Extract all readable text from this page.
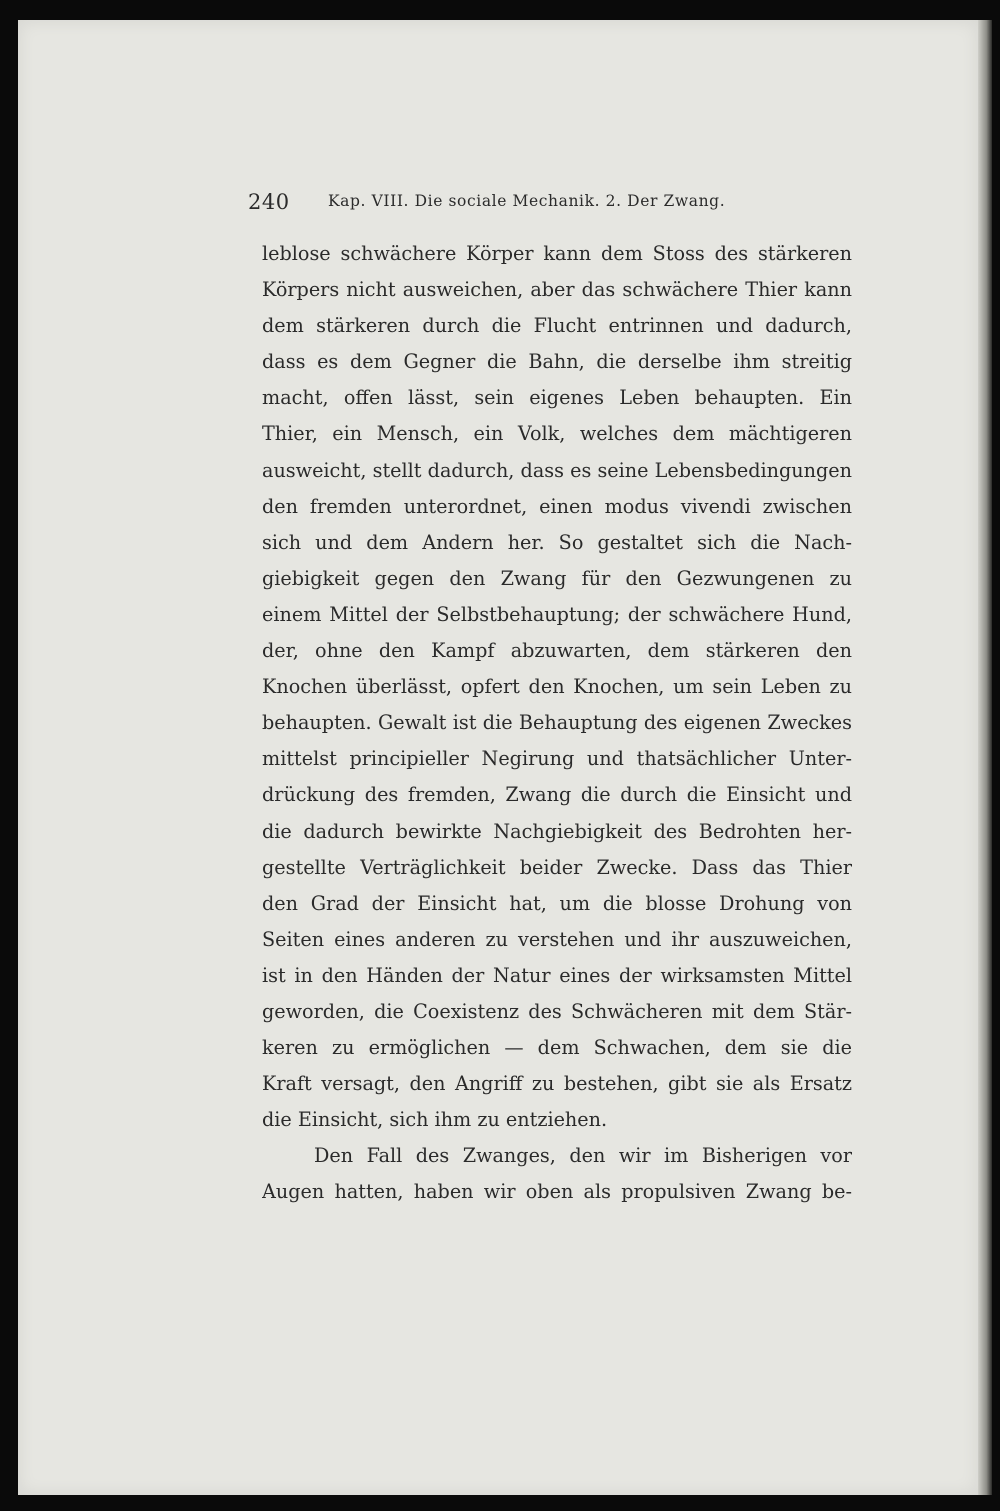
240 Kap. VIII. Die sociale Mechanik. 2. Der Zwang.
leblose schwächere Körper kann dem Stoss des stärkeren
Körpers nicht ausweichen, aber das schwächere Thier kann
dem stärkeren durch die Flucht entrinnen und dadurch,
dass es dem Gegner die Bahn, die derselbe ihm streitig
macht, offen lässt, sein eigenes Leben behaupten. Ein
Thier, ein Mensch, ein Volk, welches dem mächtigeren
ausweicht, stellt dadurch, dass es seine Lebensbedingungen
den fremden unterordnet, einen modus vivendi zwischen
sich und dem Andern her. So gestaltet sich die Nach-
giebigkeit gegen den Zwang für den Gezwungenen zu
einem Mittel der Selbstbehauptung; der schwächere Hund,
der, ohne den Kampf abzuwarten, dem stärkeren den
Knochen überlässt, opfert den Knochen, um sein Leben zu
behaupten. Gewalt ist die Behauptung des eigenen Zweckes
mittelst principieller Negirung und thatsächlicher Unter-
drückung des fremden, Zwang die durch die Einsicht und
die dadurch bewirkte Nachgiebigkeit des Bedrohten her-
gestellte Verträglichkeit beider Zwecke. Dass das Thier
den Grad der Einsicht hat, um die blosse Drohung von
Seiten eines anderen zu verstehen und ihr auszuweichen,
ist in den Händen der Natur eines der wirksamsten Mittel
geworden, die Coexistenz des Schwächeren mit dem Stär-
keren zu ermöglichen — dem Schwachen, dem sie die
Kraft versagt, den Angriff zu bestehen, gibt sie als Ersatz
die Einsicht, sich ihm zu entziehen.
Den Fall des Zwanges, den wir im Bisherigen vor
Augen hatten, haben wir oben als propulsiven Zwang be-
